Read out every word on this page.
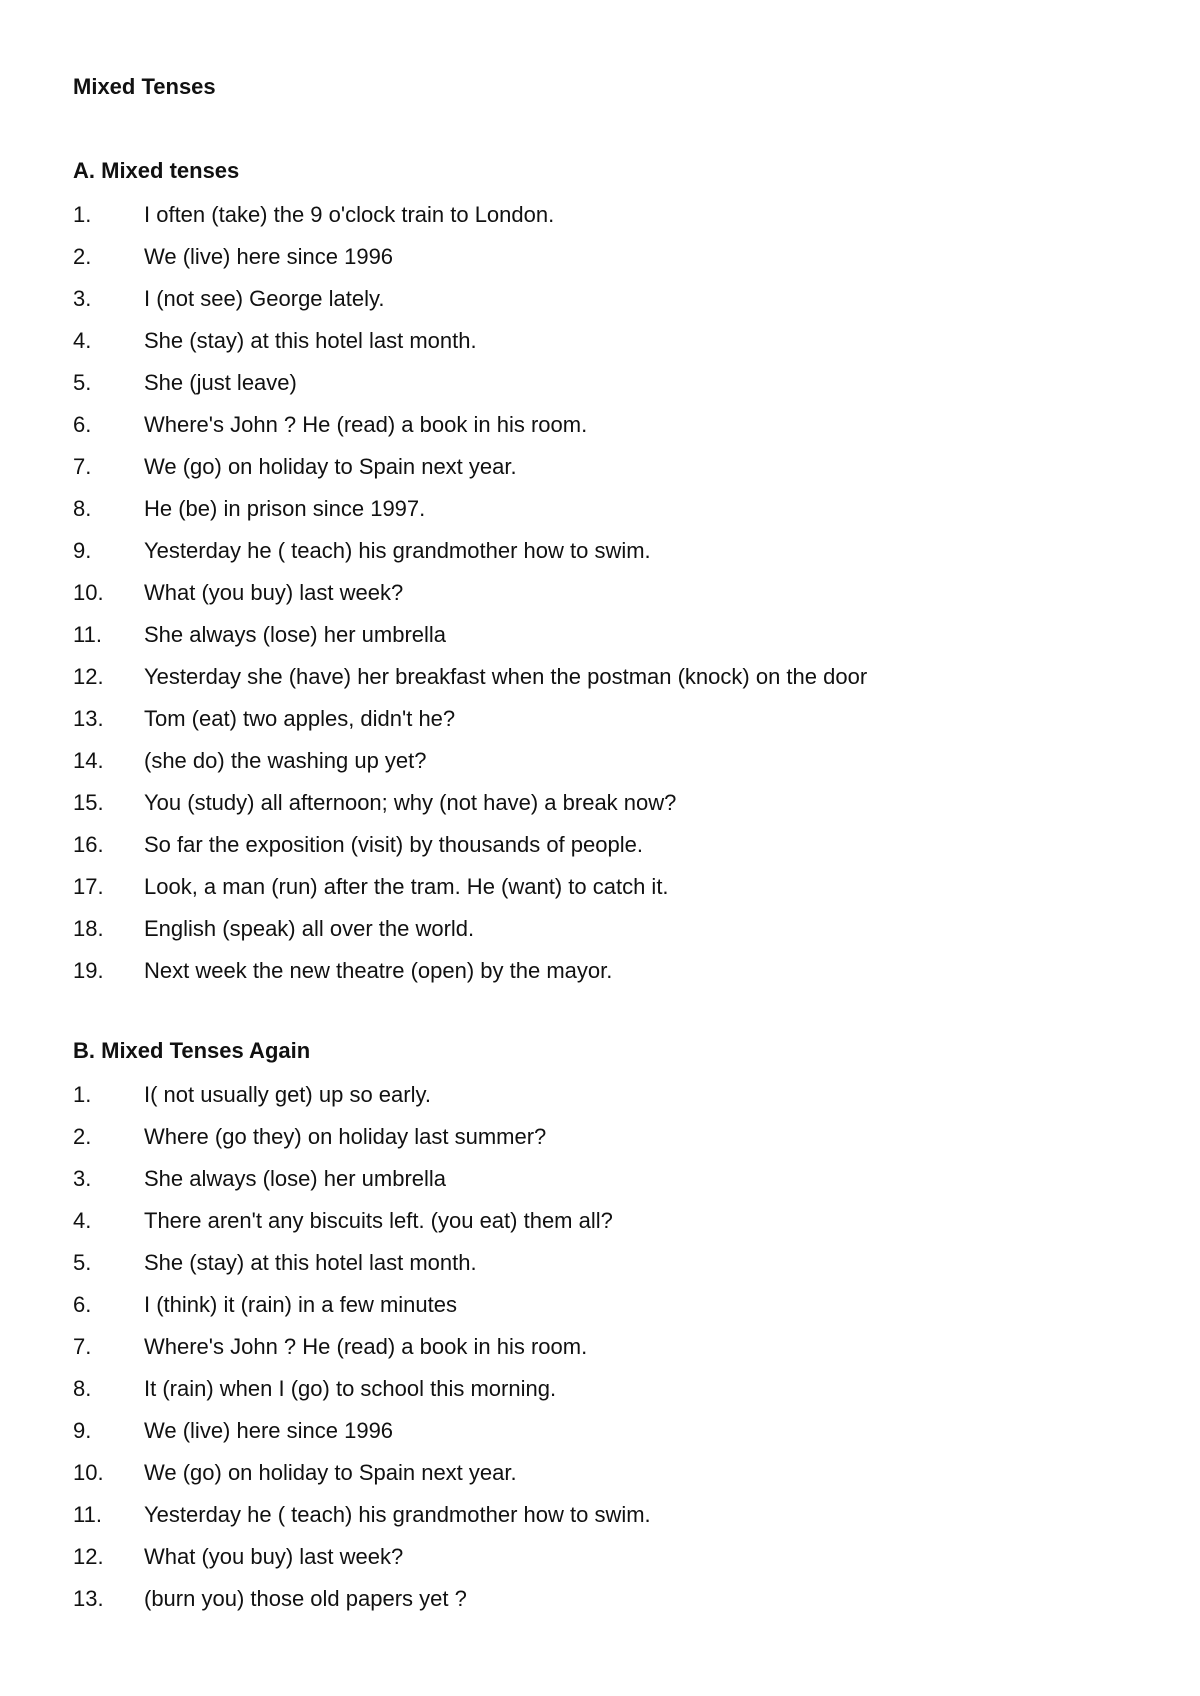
Mixed Tenses
A. Mixed tenses
1.	I often (take) the 9 o'clock train to London.
2.	We (live) here since 1996
3.	I (not see) George lately.
4.	She (stay) at this hotel last month.
5.	She (just leave)
6.	Where's John ? He (read) a book in his room.
7.	We (go) on holiday to Spain next year.
8.	He (be) in prison since 1997.
9.	Yesterday he ( teach) his grandmother how to swim.
10.	What (you buy) last week?
11.	She always (lose) her umbrella
12.	Yesterday she (have) her breakfast when the postman (knock) on the door
13.	Tom (eat) two apples, didn't he?
14.	(she do) the washing up yet?
15.	You (study) all afternoon; why (not have) a break now?
16.	So far the exposition (visit) by thousands of people.
17.	Look, a man (run) after the tram. He (want) to catch it.
18.	English (speak) all over the world.
19.	Next week the new theatre (open) by the mayor.
B. Mixed Tenses Again
1.	I( not usually get) up so early.
2.	Where (go they) on holiday last summer?
3.	She always (lose) her umbrella
4.	There aren't any biscuits left. (you eat) them all?
5.	She (stay) at this hotel last month.
6.	I (think) it (rain) in a few minutes
7.	Where's John ? He (read) a book in his room.
8.	It (rain) when I (go) to school this morning.
9.	We (live) here since 1996
10.	We (go) on holiday to Spain next year.
11.	Yesterday he ( teach) his grandmother how to swim.
12.	What (you buy) last week?
13.	(burn you) those old papers yet ?
